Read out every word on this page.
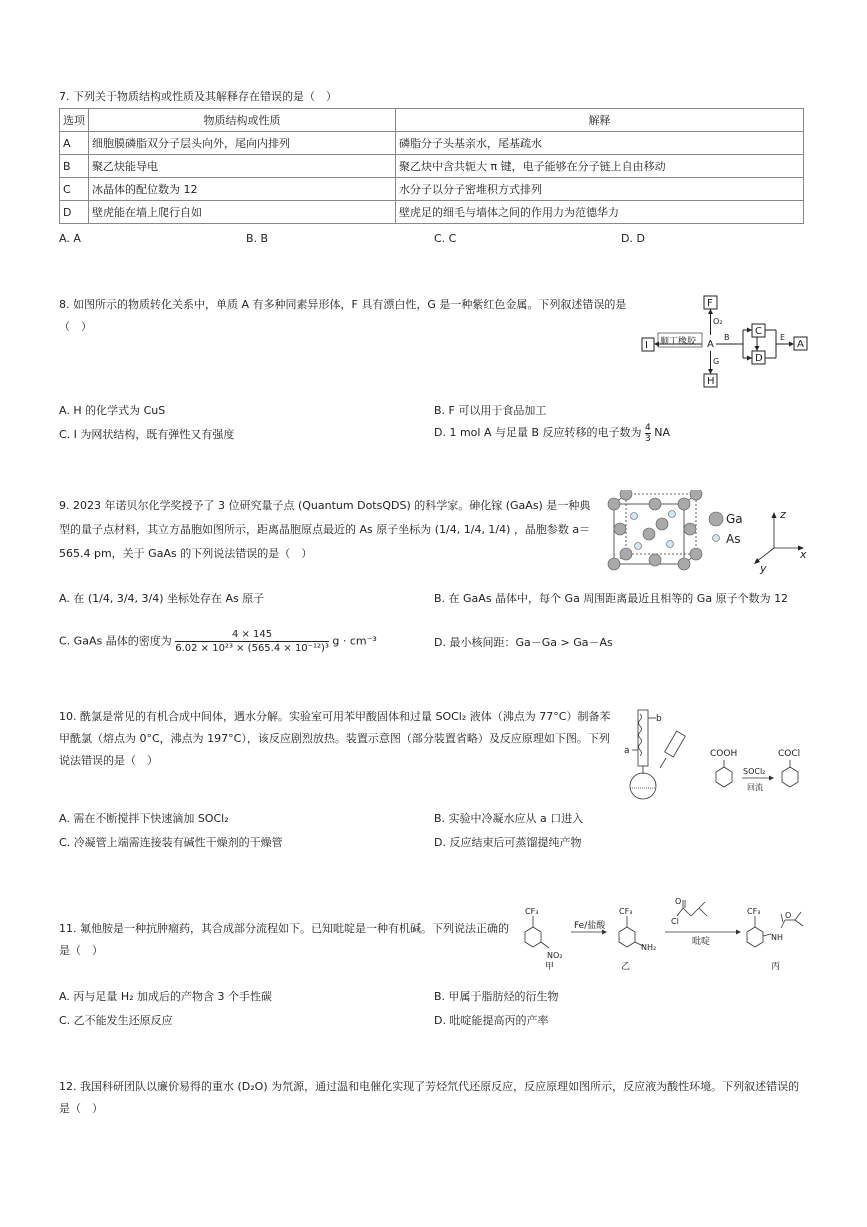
7. 下列关于物质结构或性质及其解释存在错误的是（　）
选项	物质结构或性质	解释
A	细胞膜磷脂双分子层头向外，尾向内排列	磷脂分子头基亲水，尾基疏水
B	聚乙炔能导电	聚乙炔中含共轭大 π 键，电子能够在分子链上自由移动
C	冰晶体的配位数为 12	水分子以分子密堆积方式排列
D	壁虎能在墙上爬行自如	壁虎足的细毛与墙体之间的作用力为范德华力
A. A	B. B	C. C	D. D
8. 如图所示的物质转化关系中，单质 A 有多种同素异形体，F 具有漂白性，G 是一种紫红色金属。下列叙述错误的是（　）
F
O₂
A
I 顺丁橡胶
G
H
B
C
D
E
A
A. H 的化学式为 CuS	B. F 可以用于食品加工
C. I 为网状结构，既有弹性又有强度	D. 1 mol A 与足量 B 反应转移的电子数为 $\frac{4}{3}$ NA
9. 2023 年诺贝尔化学奖授予了 3 位研究量子点 (Quantum DotsQDS) 的科学家。砷化镓 (GaAs) 是一种典型的量子点材料，其立方晶胞如图所示，距离晶胞原点最近的 As 原子坐标为 (1/4, 1/4, 1/4) ，晶胞参数 a＝565.4 pm，关于 GaAs 的下列说法错误的是（　）
Ga
As
z
x
y
A. 在 (1/4, 3/4, 3/4) 坐标处存在 As 原子	B. 在 GaAs 晶体中，每个 Ga 周围距离最近且相等的 Ga 原子个数为 12
C. GaAs 晶体的密度为 $\frac{4 \times 145}{\text{6.02 × 10²³ × (565.4 × 10⁻¹²)³}}$ g · cm⁻³	D. 最小核间距：Ga－Ga > Ga－As
10. 酰氯是常见的有机合成中间体，遇水分解。实验室可用苯甲酸固体和过量 SOCl₂ 液体（沸点为 77°C）制备苯甲酰氯（熔点为 0°C，沸点为 197°C），该反应剧烈放热。装置示意图（部分装置省略）及反应原理如下图。下列说法错误的是（　）
b
a	COOH	COCl
SOCl₂
回流
A. 需在不断搅拌下快速滴加 SOCl₂	B. 实验中冷凝水应从 a 口进入
C. 冷凝管上端需连接装有碱性干燥剂的干燥管	D. 反应结束后可蒸馏提纯产物
11. 氟他胺是一种抗肿瘤药，其合成部分流程如下。已知吡啶是一种有机碱。下列说法正确的是（　）
CF₃
NO₂
Fe/盐酸
CF₃
NH₂
O
Cl
吡啶
CF₃	O
NH
甲	乙	丙
A. 丙与足量 H₂ 加成后的产物含 3 个手性碳	B. 甲属于脂肪烃的衍生物
C. 乙不能发生还原反应	D. 吡啶能提高丙的产率
12. 我国科研团队以廉价易得的重水 (D₂O) 为氘源，通过温和电催化实现了芳烃氘代还原反应，反应原理如图所示，反应液为酸性环境。下列叙述错误的是（　）
